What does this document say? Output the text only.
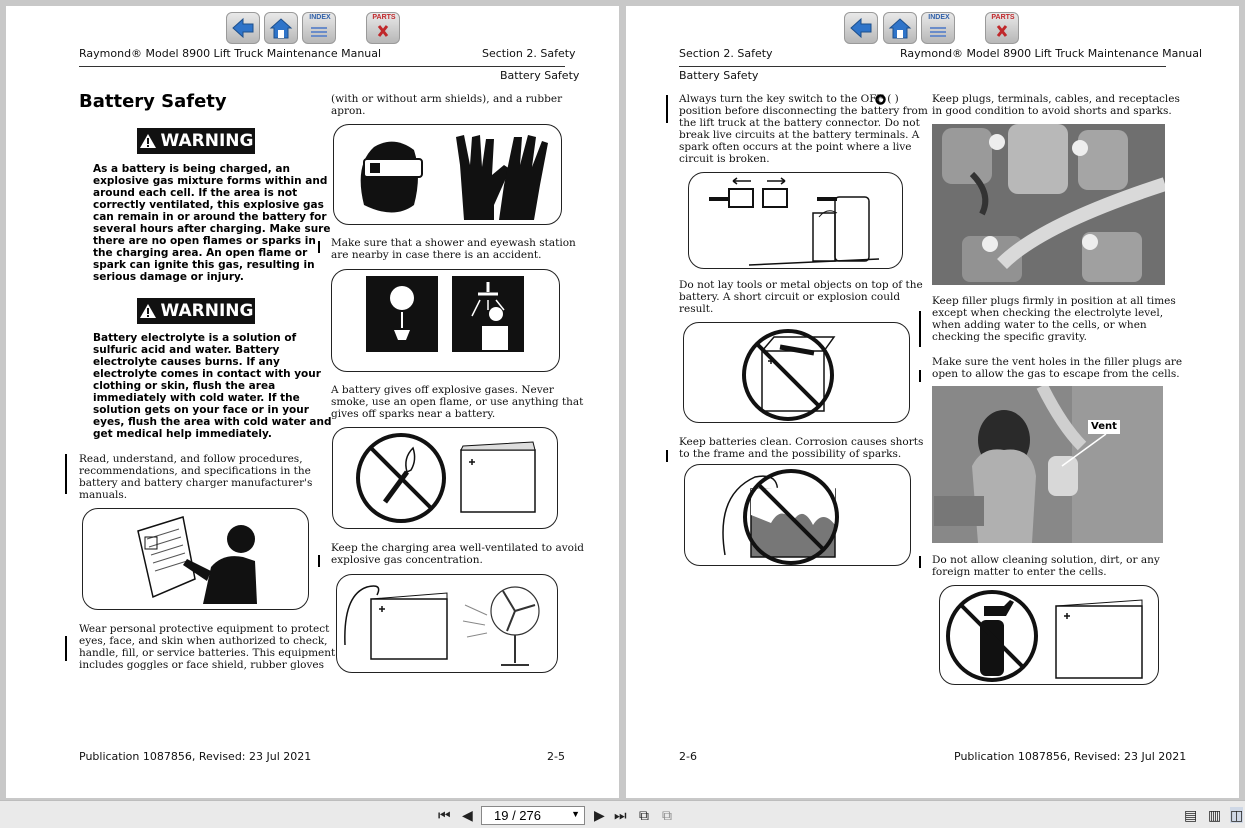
INDEX	PARTS
Raymond® Model 8900 Lift Truck Maintenance Manual	Section 2. Safety
Battery Safety
Battery Safety
WARNING
As a battery is being charged, an
explosive gas mixture forms within and
around each cell. If the area is not
correctly ventilated, this explosive gas
can remain in or around the battery for
several hours after charging. Make sure
there are no open flames or sparks in
the charging area. An open flame or
spark can ignite this gas, resulting in
serious damage or injury.
WARNING
Battery electrolyte is a solution of
sulfuric acid and water. Battery
electrolyte causes burns. If any
electrolyte comes in contact with your
clothing or skin, flush the area
immediately with cold water. If the
solution gets on your face or in your
eyes, flush the area with cold water and
get medical help immediately.
Read, understand, and follow procedures,
recommendations, and specifications in the
battery and battery charger manufacturer's
manuals.
Wear personal protective equipment to protect
eyes, face, and skin when authorized to check,
handle, fill, or service batteries. This equipment
includes goggles or face shield, rubber gloves
(with or without arm shields), and a rubber
apron.
Make sure that a shower and eyewash station
are nearby in case there is an accident.
A battery gives off explosive gases. Never
smoke, use an open flame, or use anything that
gives off sparks near a battery.
Keep the charging area well-ventilated to avoid
explosive gas concentration.
Publication 1087856, Revised: 23 Jul 2021	2-5
INDEX	PARTS
Section 2. Safety	Raymond® Model 8900 Lift Truck Maintenance Manual
Battery Safety
Always turn the key switch to the OFF ( )
position before disconnecting the battery from
the lift truck at the battery connector. Do not
break live circuits at the battery terminals. A
spark often occurs at the point where a live
circuit is broken.
Do not lay tools or metal objects on top of the
battery. A short circuit or explosion could
result.
Keep batteries clean. Corrosion causes shorts
to the frame and the possibility of sparks.
Keep plugs, terminals, cables, and receptacles
in good condition to avoid shorts and sparks.
Keep filler plugs firmly in position at all times
except when checking the electrolyte level,
when adding water to the cells, or when
checking the specific gravity.
Make sure the vent holes in the filler plugs are
open to allow the gas to escape from the cells.
Vent
Do not allow cleaning solution, dirt, or any
foreign matter to enter the cells.
2-6	Publication 1087856, Revised: 23 Jul 2021
⏮ ◀ 19 / 276	▼ ▶ ⏭ ⧉ ⧉	▤ ▥ ◫
